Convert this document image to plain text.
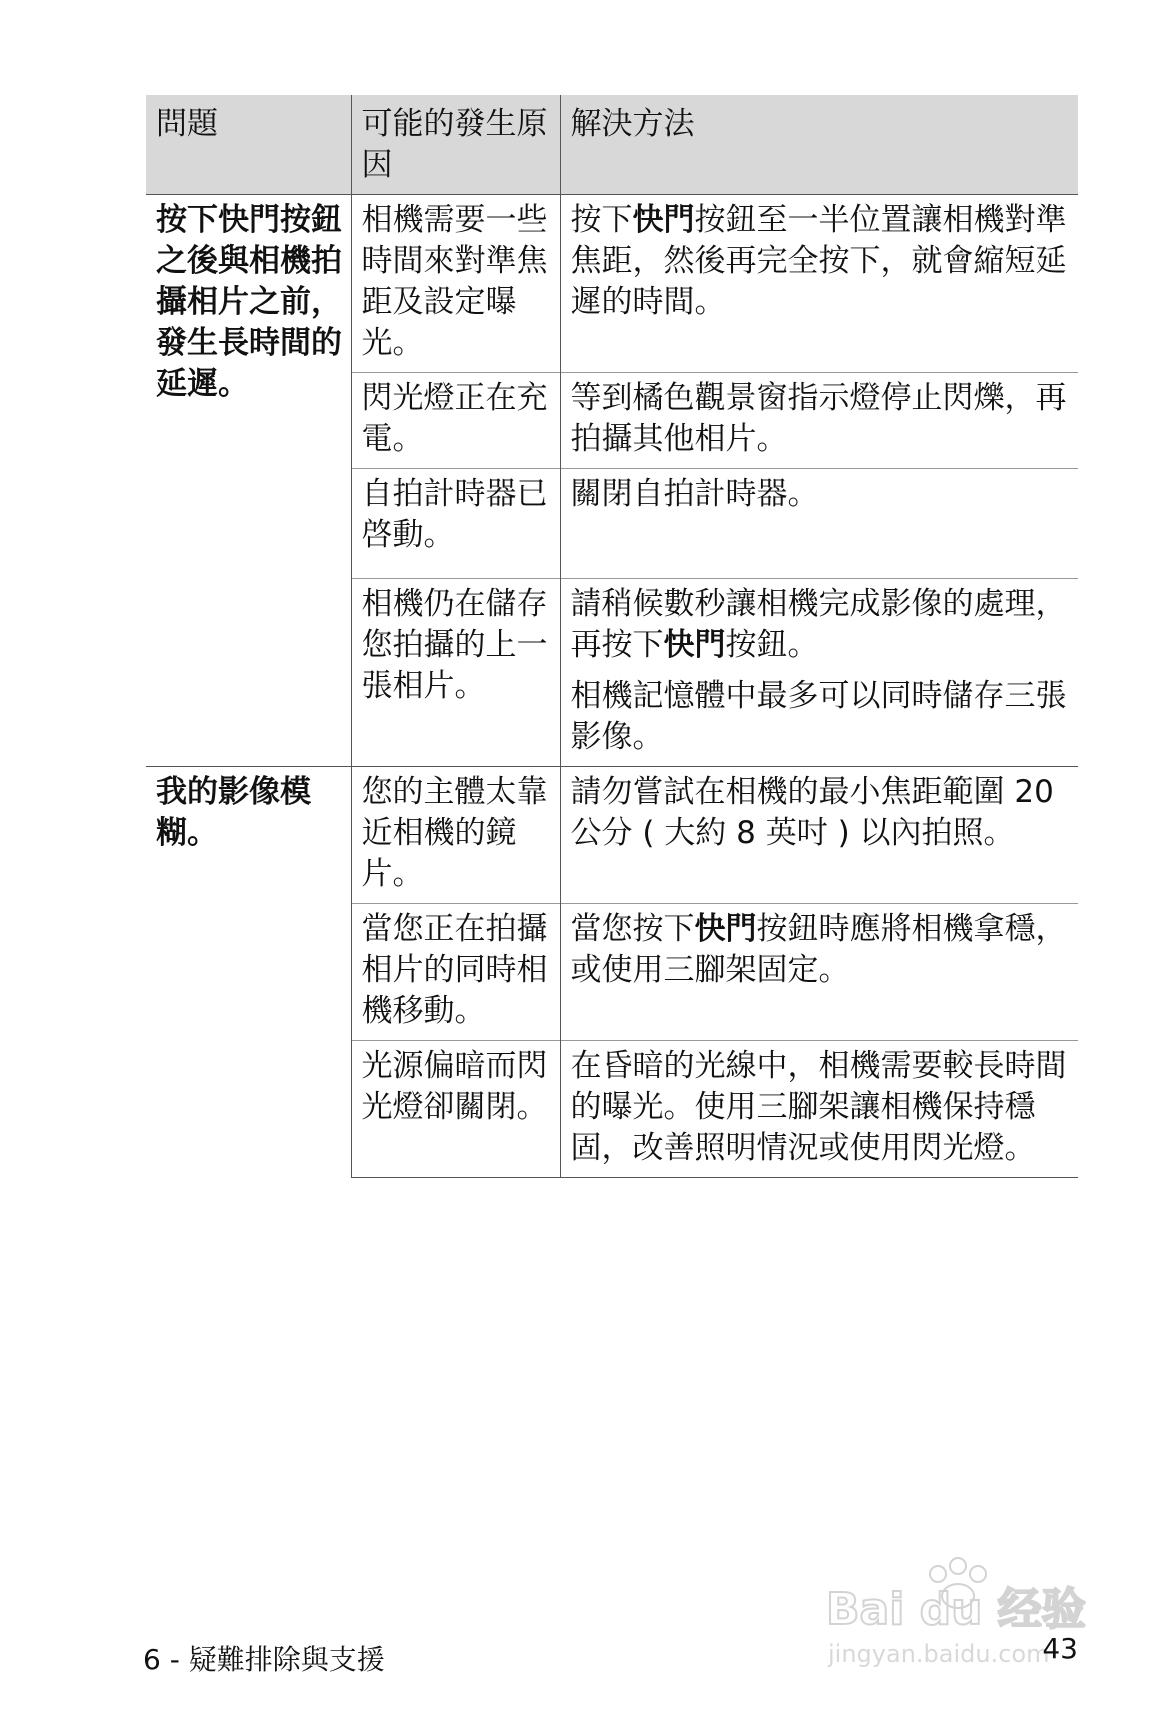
問題	可能的發生原因	解決方法
按下快門按鈕之後與相機拍攝相片之前，發生長時間的延遲。	相機需要一些時間來對準焦距及設定曝光。	按下快門按鈕至一半位置讓相機對準焦距，然後再完全按下，就會縮短延遲的時間。
	閃光燈正在充電。	等到橘色觀景窗指示燈停止閃爍，再拍攝其他相片。
	自拍計時器已啓動。	關閉自拍計時器。
	相機仍在儲存您拍攝的上一張相片。	請稍候數秒讓相機完成影像的處理，再按下快門按鈕。
相機記憶體中最多可以同時儲存三張影像。

我的影像模糊。	您的主體太靠近相機的鏡片。	請勿嘗試在相機的最小焦距範圍 20 公分 ( 大約 8 英吋 ) 以內拍照。
	當您正在拍攝相片的同時相機移動。	當您按下快門按鈕時應將相機拿穩，或使用三腳架固定。
	光源偏暗而閃光燈卻關閉。	在昏暗的光線中，相機需要較長時間的曝光。使用三腳架讓相機保持穩固，改善照明情況或使用閃光燈。
Bai du 经验
jingyan.baidu.com
6 - 疑難排除與支援	43
